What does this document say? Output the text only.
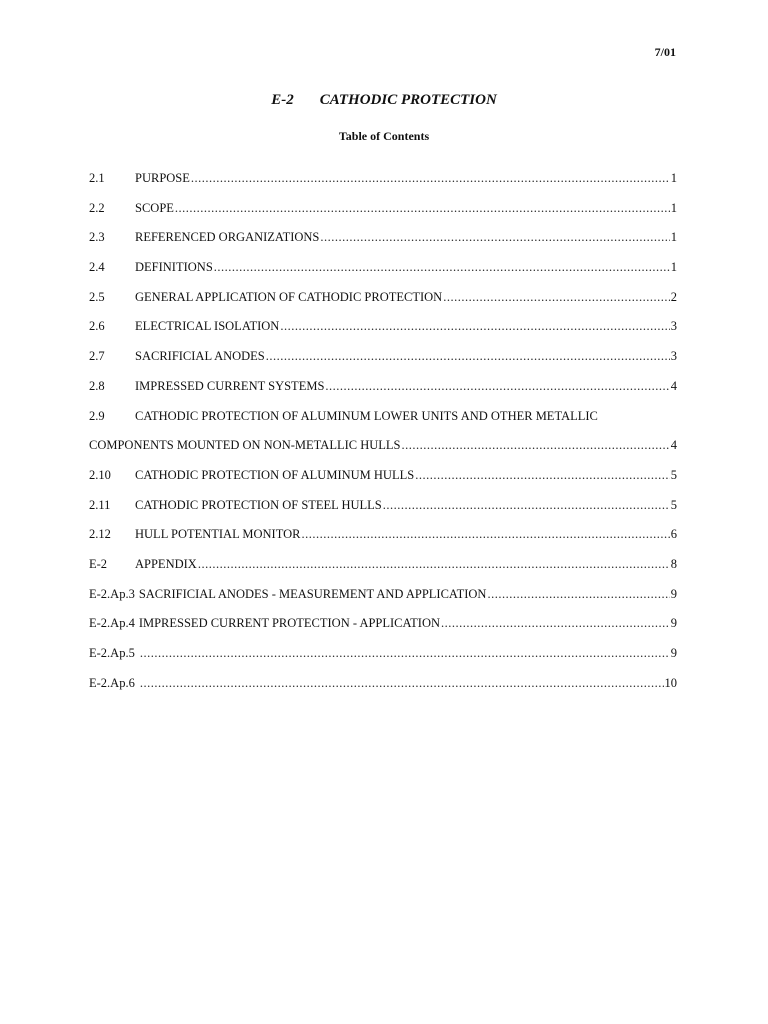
7/01
E-2 CATHODIC PROTECTION
Table of Contents
2.1	PURPOSE .....	1
2.2	SCOPE .....	1
2.3	REFERENCED ORGANIZATIONS .....	1
2.4	DEFINITIONS .....	1
2.5	GENERAL APPLICATION OF CATHODIC PROTECTION .....	2
2.6	ELECTRICAL ISOLATION .....	3
2.7	SACRIFICIAL ANODES .....	3
2.8	IMPRESSED CURRENT SYSTEMS .....	4
2.9	CATHODIC PROTECTION OF ALUMINUM LOWER UNITS AND OTHER METALLIC
COMPONENTS MOUNTED ON NON-METALLIC HULLS .....	4
2.10	CATHODIC PROTECTION OF ALUMINUM HULLS .....	5
2.11	CATHODIC PROTECTION OF STEEL HULLS .....	5
2.12	HULL POTENTIAL MONITOR .....	6
E-2	APPENDIX .....	8
E-2.Ap.3 SACRIFICIAL ANODES - MEASUREMENT AND APPLICATION .....	9
E-2.Ap.4 IMPRESSED CURRENT PROTECTION - APPLICATION .....	9
E-2.Ap.5 .....	9
E-2.Ap.6 .....	10
